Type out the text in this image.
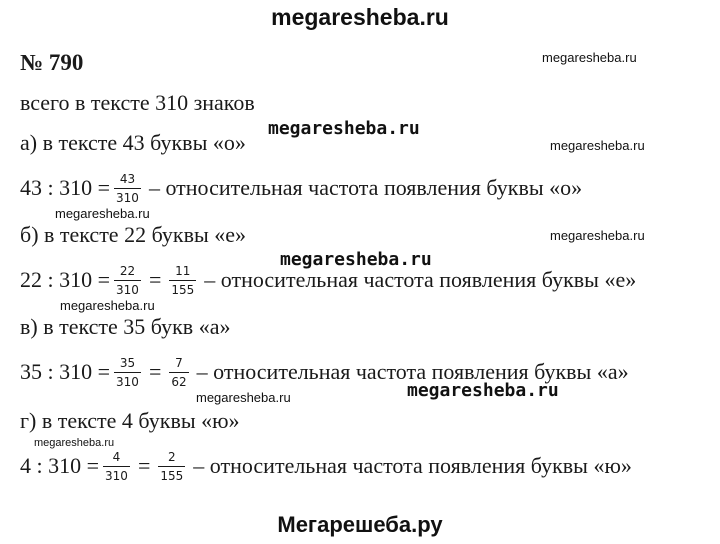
megaresheba.ru
№ 790
всего в тексте 310 знаков
а) в тексте 43 буквы «о»
43 : $310 = \frac{43}{310}$ – относительная частота появления буквы «о»
б) в тексте 22 буквы «е»
22 : $310 = \frac{22}{310} = \frac{11}{155}$ – относительная частота появления буквы «е»
в) в тексте 35 букв «а»
35 : $310 = \frac{35}{310} = \frac{7}{62}$ – относительная частота появления буквы «а»
г) в тексте 4 буквы «ю»
4 : $310 = \frac{4}{310} = \frac{2}{155}$ – относительная частота появления буквы «ю»
megaresheba.ru
megaresheba.ru
megaresheba.ru
megaresheba.ru
megaresheba.ru
megaresheba.ru
megaresheba.ru
megaresheba.ru
megaresheba.ru
megaresheba.ru
Мегарешеба.ру
